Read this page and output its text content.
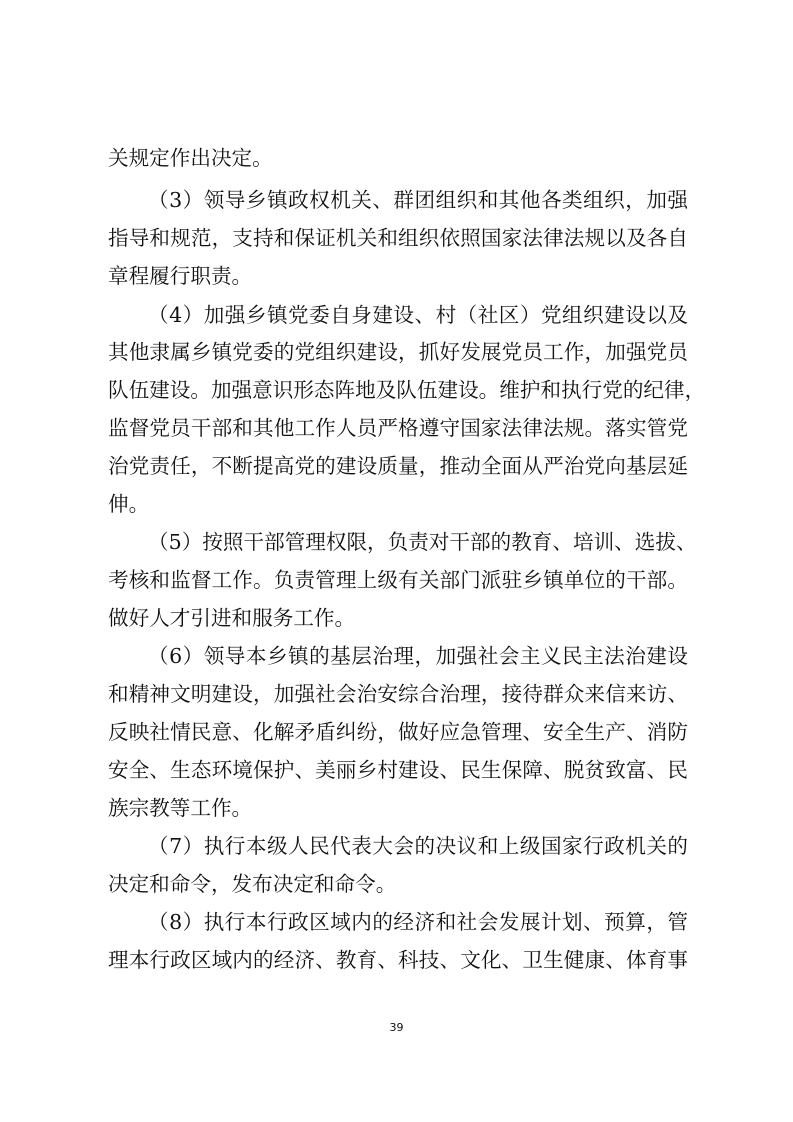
关规定作出决定。
（3）领导乡镇政权机关、群团组织和其他各类组织，加强
指导和规范，支持和保证机关和组织依照国家法律法规以及各自
章程履行职责。
（4）加强乡镇党委自身建设、村（社区）党组织建设以及
其他隶属乡镇党委的党组织建设，抓好发展党员工作，加强党员
队伍建设。加强意识形态阵地及队伍建设。维护和执行党的纪律，
监督党员干部和其他工作人员严格遵守国家法律法规。落实管党
治党责任，不断提高党的建设质量，推动全面从严治党向基层延
伸。
（5）按照干部管理权限，负责对干部的教育、培训、选拔、
考核和监督工作。负责管理上级有关部门派驻乡镇单位的干部。
做好人才引进和服务工作。
（6）领导本乡镇的基层治理，加强社会主义民主法治建设
和精神文明建设，加强社会治安综合治理，接待群众来信来访、
反映社情民意、化解矛盾纠纷，做好应急管理、安全生产、消防
安全、生态环境保护、美丽乡村建设、民生保障、脱贫致富、民
族宗教等工作。
（7）执行本级人民代表大会的决议和上级国家行政机关的
决定和命令，发布决定和命令。
（8）执行本行政区域内的经济和社会发展计划、预算，管
理本行政区域内的经济、教育、科技、文化、卫生健康、体育事
39
